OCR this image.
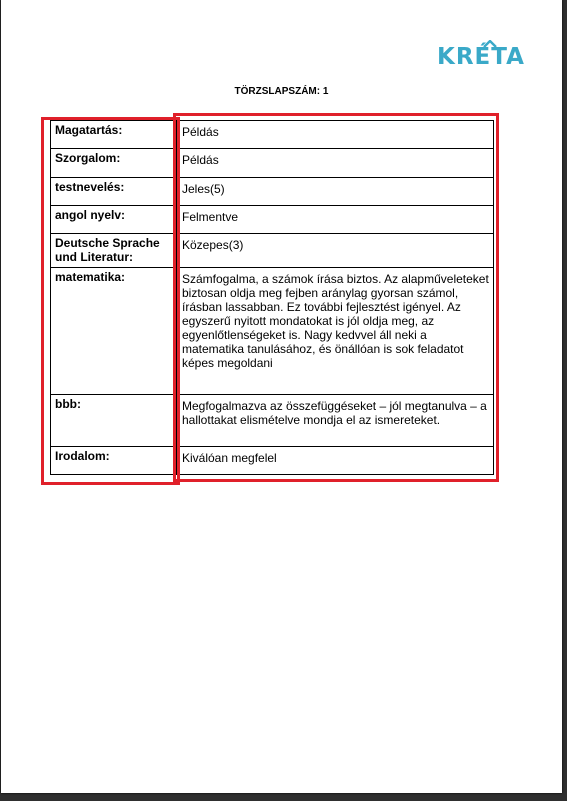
KRÉTA
TÖRZSLAPSZÁM: 1
Magatartás:	Példás
Szorgalom:	Példás
testnevelés:	Jeles(5)
angol nyelv:	Felmentve
Deutsche Sprache und Literatur:	Közepes(3)
matematika:	Számfogalma, a számok írása biztos. Az alapműveleteket biztosan oldja meg fejben aránylag gyorsan számol, írásban lassabban. Ez további fejlesztést igényel. Az egyszerű nyitott mondatokat is jól oldja meg, az egyenlőtlenségeket is. Nagy kedvvel áll neki a matematika tanulásához, és önállóan is sok feladatot képes megoldani
bbb:	Megfogalmazva az összefüggéseket – jól megtanulva – a hallottakat elismételve mondja el az ismereteket.
Irodalom:	Kiválóan megfelel
